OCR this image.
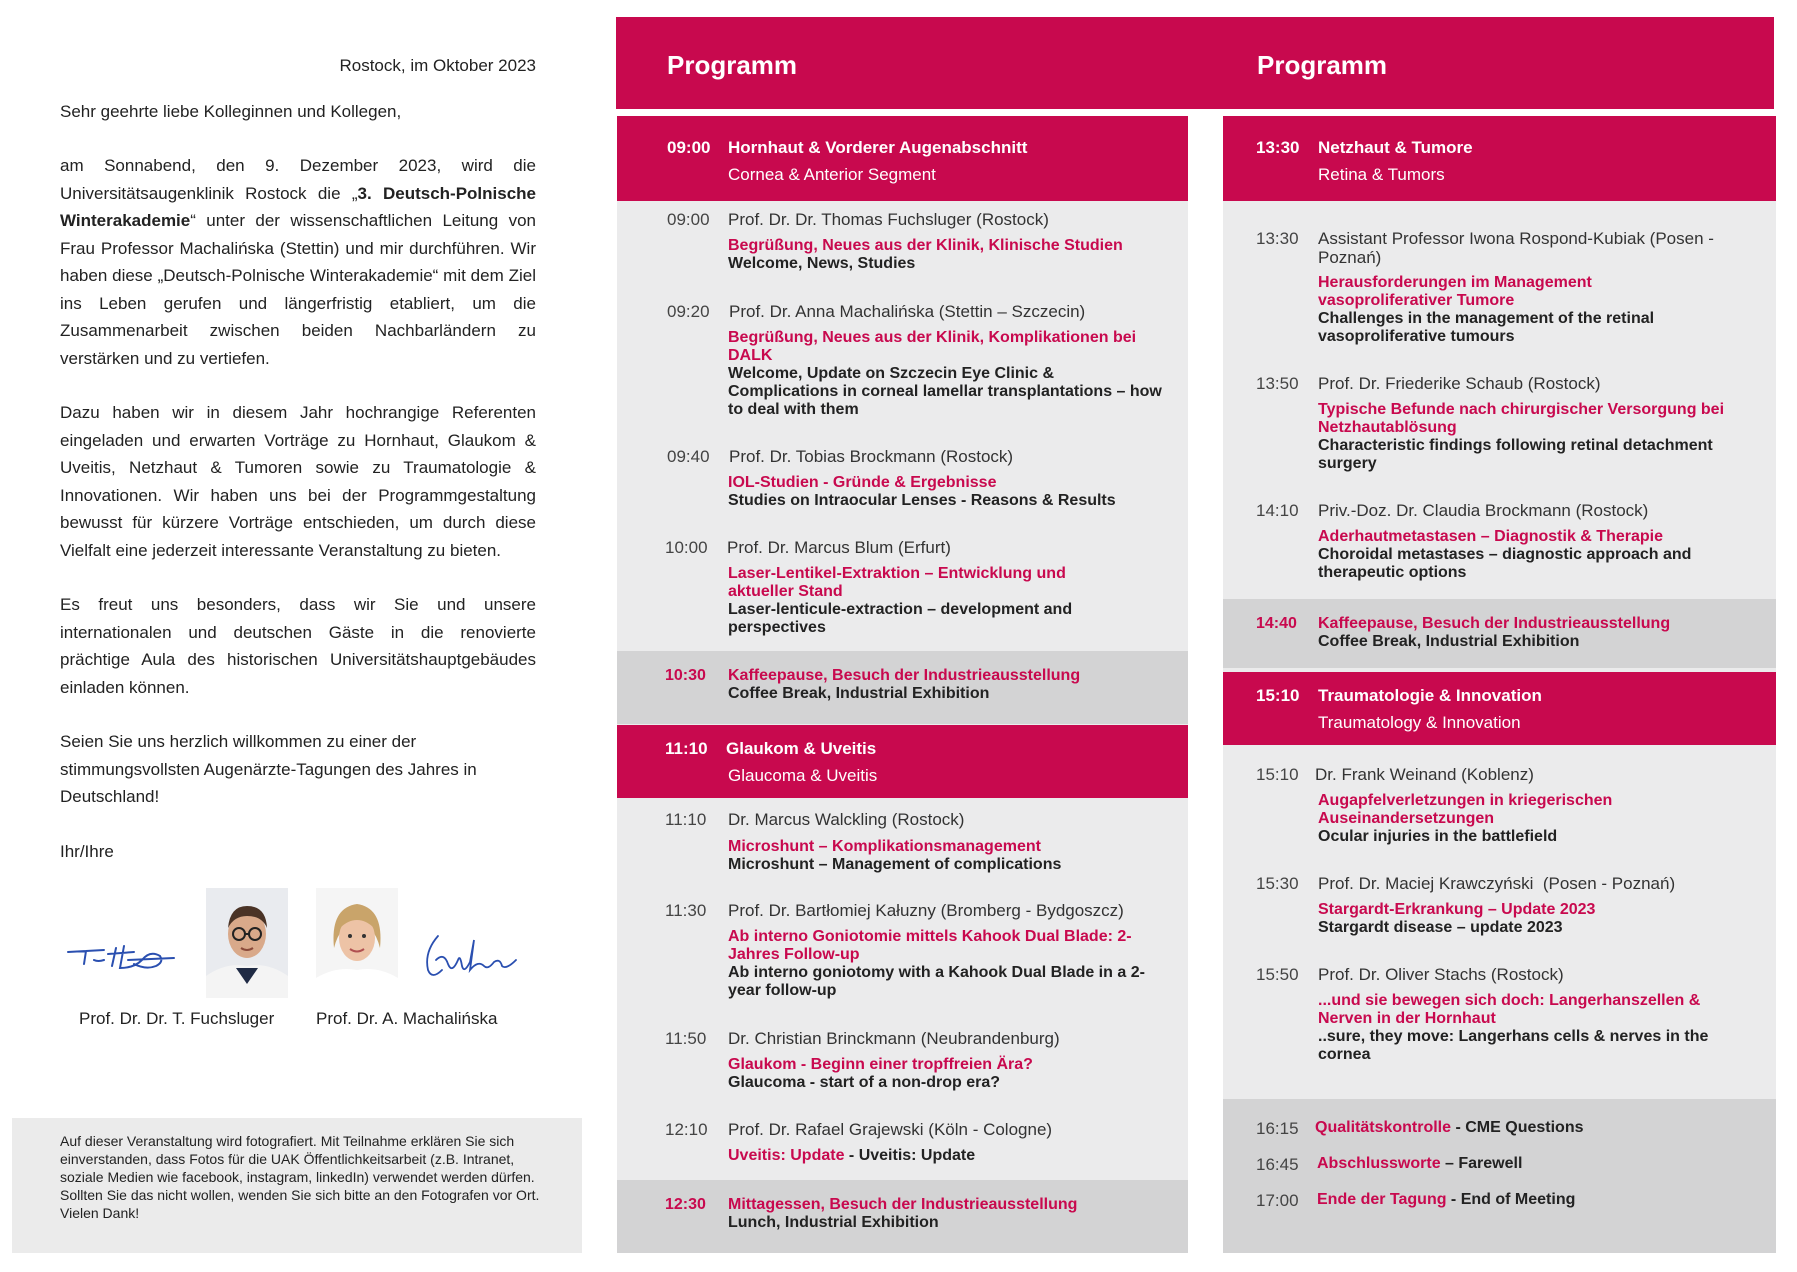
Rostock, im Oktober 2023

Sehr geehrte liebe Kolleginnen und Kollegen,

am Sonnabend, den 9. Dezember 2023, wird die Universitätsaugenklinik Rostock die „3. Deutsch-Polnische Winterakademie“ unter der wissenschaftlichen Leitung von Frau Professor Machalińska (Stettin) und mir durchführen. Wir haben diese „Deutsch-Polnische Winterakademie“ mit dem Ziel ins Leben gerufen und längerfristig etabliert, um die Zusammenarbeit zwischen beiden Nachbarländern zu verstärken und zu vertiefen.

Dazu haben wir in diesem Jahr hochrangige Referenten eingeladen und erwarten Vorträge zu Hornhaut, Glaukom & Uveitis, Netzhaut & Tumoren sowie zu Traumatologie & Innovationen. Wir haben uns bei der Programmgestaltung bewusst für kürzere Vorträge entschieden, um durch diese Vielfalt eine jederzeit interessante Veranstaltung zu bieten.

Es freut uns besonders, dass wir Sie und unsere internationalen und deutschen Gäste in die renovierte prächtige Aula des historischen Universitätshauptgebäudes einladen können.

Seien Sie uns herzlich willkommen zu einer der stimmungsvollsten Augenärzte-Tagungen des Jahres in Deutschland!

Ihr/Ihre

Prof. Dr. Dr. T. Fuchsluger Prof. Dr. A. Machalińska
Auf dieser Veranstaltung wird fotografiert. Mit Teilnahme erklären Sie sich einverstanden, dass Fotos für die UAK Öffentlichkeitsarbeit (z.B. Intranet, soziale Medien wie facebook, instagram, linkedIn) verwendet werden dürfen. Sollten Sie das nicht wollen, wenden Sie sich bitte an den Fotografen vor Ort. Vielen Dank!
Programm	Programm
09:00 Hornhaut & Vorderer Augenabschnitt
Cornea & Anterior Segment
09:00 Prof. Dr. Dr. Thomas Fuchsluger (Rostock)
Begrüßung, Neues aus der Klinik, Klinische Studien
Welcome, News, Studies
09:20 Prof. Dr. Anna Machalińska (Stettin – Szczecin)
Begrüßung, Neues aus der Klinik, Komplikationen bei DALK
Welcome, Update on Szczecin Eye Clinic & Complications in corneal lamellar transplantations – how to deal with them
09:40 Prof. Dr. Tobias Brockmann (Rostock)
IOL-Studien - Gründe & Ergebnisse
Studies on Intraocular Lenses - Reasons & Results
10:00 Prof. Dr. Marcus Blum (Erfurt)
Laser-Lentikel-Extraktion – Entwicklung und aktueller Stand
Laser-lenticule-extraction – development and perspectives
10:30 Kaffeepause, Besuch der Industrieausstellung
Coffee Break, Industrial Exhibition
11:10 Glaukom & Uveitis
Glaucoma & Uveitis
11:10 Dr. Marcus Walckling (Rostock)
Microshunt – Komplikationsmanagement
Microshunt – Management of complications
11:30 Prof. Dr. Bartłomiej Kałuzny (Bromberg - Bydgoszcz)
Ab interno Goniotomie mittels Kahook Dual Blade: 2-Jahres Follow-up
Ab interno goniotomy with a Kahook Dual Blade in a 2-year follow-up
11:50 Dr. Christian Brinckmann (Neubrandenburg)
Glaukom - Beginn einer tropffreien Ära?
Glaucoma - start of a non-drop era?
12:10 Prof. Dr. Rafael Grajewski (Köln - Cologne)
Uveitis: Update - Uveitis: Update
12:30 Mittagessen, Besuch der Industrieausstellung
Lunch, Industrial Exhibition
13:30 Netzhaut & Tumore
Retina & Tumors
13:30 Assistant Professor Iwona Rospond-Kubiak (Posen - Poznań)
Herausforderungen im Management vasoproliferativer Tumore
Challenges in the management of the retinal vasoproliferative tumours
13:50 Prof. Dr. Friederike Schaub (Rostock)
Typische Befunde nach chirurgischer Versorgung bei Netzhautablösung
Characteristic findings following retinal detachment surgery
14:10 Priv.-Doz. Dr. Claudia Brockmann (Rostock)
Aderhautmetastasen – Diagnostik & Therapie
Choroidal metastases – diagnostic approach and therapeutic options
14:40 Kaffeepause, Besuch der Industrieausstellung
Coffee Break, Industrial Exhibition
15:10 Traumatologie & Innovation
Traumatology & Innovation
15:10 Dr. Frank Weinand (Koblenz)
Augapfelverletzungen in kriegerischen Auseinandersetzungen
Ocular injuries in the battlefield
15:30 Prof. Dr. Maciej Krawczyński  (Posen - Poznań)
Stargardt-Erkrankung – Update 2023
Stargardt disease – update 2023
15:50 Prof. Dr. Oliver Stachs (Rostock)
...und sie bewegen sich doch: Langerhanszellen & Nerven in der Hornhaut
..sure, they move: Langerhans cells & nerves in the cornea
16:15 Qualitätskontrolle - CME Questions
16:45 Abschlussworte – Farewell
17:00 Ende der Tagung - End of Meeting
